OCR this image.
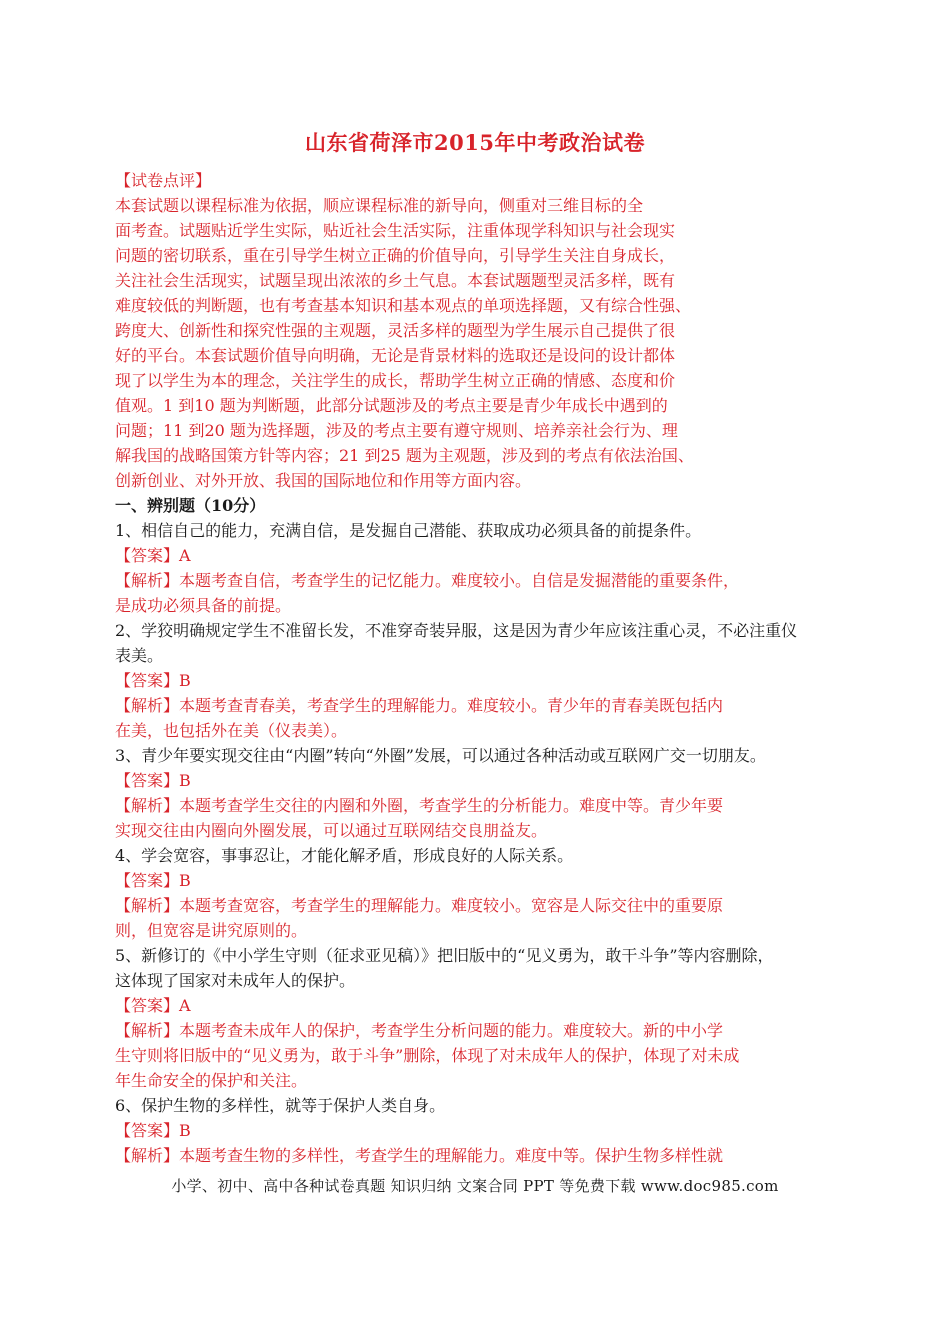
山东省荷泽市2015年中考政治试卷
【试卷点评】
本套试题以课程标准为依据，顺应课程标准的新导向，侧重对三维目标的全
面考查。试题贴近学生实际，贴近社会生活实际，注重体现学科知识与社会现实
问题的密切联系，重在引导学生树立正确的价值导向，引导学生关注自身成长，
关注社会生活现实，试题呈现出浓浓的乡土气息。本套试题题型灵活多样，既有
难度较低的判断题，也有考查基本知识和基本观点的单项选择题，又有综合性强、
跨度大、创新性和探究性强的主观题，灵活多样的题型为学生展示自己提供了很
好的平台。本套试题价值导向明确，无论是背景材料的选取还是设问的设计都体
现了以学生为本的理念，关注学生的成长，帮助学生树立正确的情感、态度和价
值观。1 到10 题为判断题，此部分试题涉及的考点主要是青少年成长中遇到的
问题；11 到20 题为选择题，涉及的考点主要有遵守规则、培养亲社会行为、理
解我国的战略国策方针等内容；21 到25 题为主观题，涉及到的考点有依法治国、
创新创业、对外开放、我国的国际地位和作用等方面内容。
一、辨别题（10分）
1、相信自己的能力，充满自信，是发掘自己潜能、获取成功必须具备的前提条件。
【答案】A
【解析】本题考查自信，考查学生的记忆能力。难度较小。自信是发掘潜能的重要条件，
是成功必须具备的前提。
2、学狡明确规定学生不准留长发，不准穿奇装异服，这是因为青少年应该注重心灵，不必注重仪
表美。
【答案】B
【解析】本题考查青春美，考查学生的理解能力。难度较小。青少年的青春美既包括内
在美，也包括外在美（仪表美）。
3、青少年要实现交往由“内圈”转向“外圈”发展，可以通过各种活动或互联网广交一切朋友。
【答案】B
【解析】本题考查学生交往的内圈和外圈，考查学生的分析能力。难度中等。青少年要
实现交往由内圈向外圈发展，可以通过互联网结交良朋益友。
4、学会宽容，事事忍让，才能化解矛盾，形成良好的人际关系。
【答案】B
【解析】本题考查宽容，考查学生的理解能力。难度较小。宽容是人际交往中的重要原
则，但宽容是讲究原则的。
5、新修订的《中小学生守则（征求亚见稿）》把旧版中的“见义勇为，敢干斗争”等内容删除，
这体现了国家对未成年人的保护。
【答案】A
【解析】本题考查未成年人的保护，考查学生分析问题的能力。难度较大。新的中小学
生守则将旧版中的“见义勇为，敢于斗争”删除，体现了对未成年人的保护，体现了对未成
年生命安全的保护和关注。
6、保护生物的多样性，就等于保护人类自身。
【答案】B
【解析】本题考查生物的多样性，考查学生的理解能力。难度中等。保护生物多样性就
小学、初中、高中各种试卷真题 知识归纳 文案合同 PPT 等免费下载 www.doc985.com
